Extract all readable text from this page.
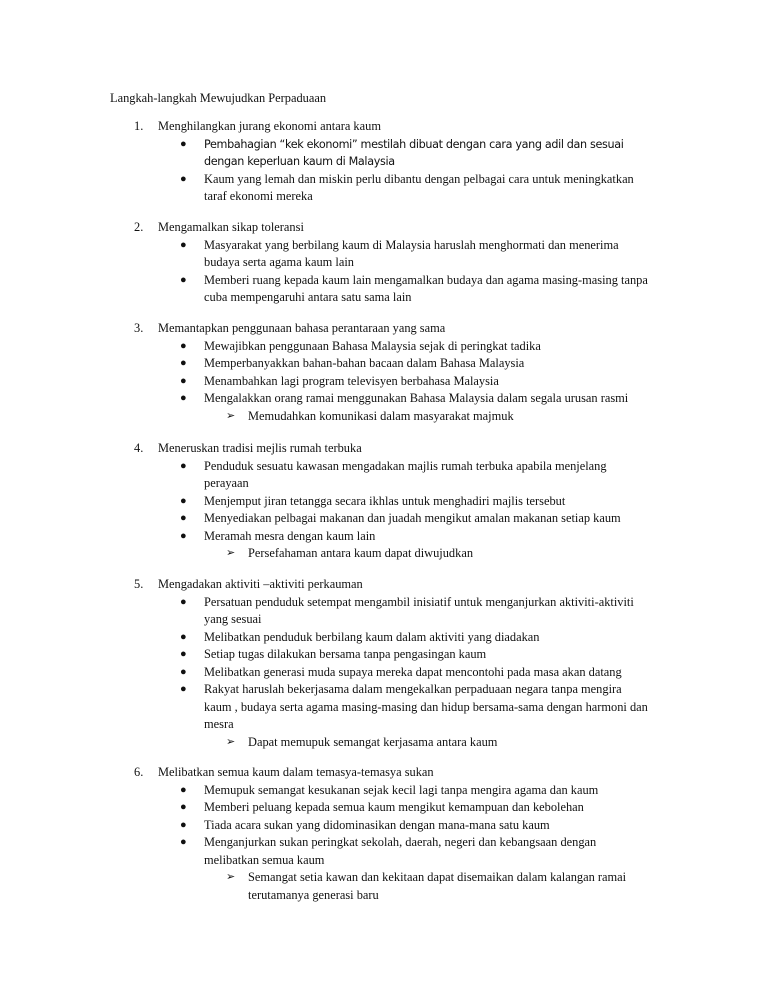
Langkah-langkah Mewujudkan Perpaduaan
1. Menghilangkan jurang ekonomi antara kaum
● Pembahagian “kek ekonomi” mestilah dibuat dengan cara yang adil dan sesuai dengan keperluan kaum di Malaysia
● Kaum yang lemah dan miskin perlu dibantu dengan pelbagai cara untuk meningkatkan taraf ekonomi mereka
2. Mengamalkan sikap toleransi
● Masyarakat yang berbilang kaum di Malaysia haruslah menghormati dan menerima budaya serta agama kaum lain
● Memberi ruang kepada kaum lain mengamalkan budaya dan agama masing-masing tanpa cuba mempengaruhi antara satu sama lain
3. Memantapkan penggunaan bahasa perantaraan yang sama
● Mewajibkan penggunaan Bahasa Malaysia sejak di peringkat tadika
● Memperbanyakkan bahan-bahan bacaan dalam Bahasa Malaysia
● Menambahkan lagi program televisyen berbahasa Malaysia
● Mengalakkan orang ramai menggunakan Bahasa Malaysia dalam segala urusan rasmi
➢ Memudahkan komunikasi dalam masyarakat majmuk
4. Meneruskan tradisi mejlis rumah terbuka
● Penduduk sesuatu kawasan mengadakan majlis rumah terbuka apabila menjelang perayaan
● Menjemput jiran tetangga secara ikhlas untuk menghadiri majlis tersebut
● Menyediakan pelbagai makanan dan juadah mengikut amalan makanan setiap kaum
● Meramah mesra dengan kaum lain
➢ Persefahaman antara kaum dapat diwujudkan
5. Mengadakan aktiviti –aktiviti perkauman
● Persatuan penduduk setempat mengambil inisiatif untuk menganjurkan aktiviti-aktiviti yang sesuai
● Melibatkan penduduk berbilang kaum dalam aktiviti yang diadakan
● Setiap tugas dilakukan bersama tanpa pengasingan kaum
● Melibatkan generasi muda supaya mereka dapat mencontohi pada masa akan datang
● Rakyat haruslah bekerjasama dalam mengekalkan perpaduaan negara tanpa mengira kaum , budaya serta agama masing-masing dan hidup bersama-sama dengan harmoni dan mesra
➢ Dapat memupuk semangat kerjasama antara kaum
6. Melibatkan semua kaum dalam temasya-temasya sukan
● Memupuk semangat kesukanan sejak kecil lagi tanpa mengira agama dan kaum
● Memberi peluang kepada semua kaum mengikut kemampuan dan kebolehan
● Tiada acara sukan yang didominasikan dengan mana-mana satu kaum
● Menganjurkan sukan peringkat sekolah, daerah, negeri dan kebangsaan dengan melibatkan semua kaum
➢ Semangat setia kawan dan kekitaan dapat disemaikan dalam kalangan ramai terutamanya generasi baru
